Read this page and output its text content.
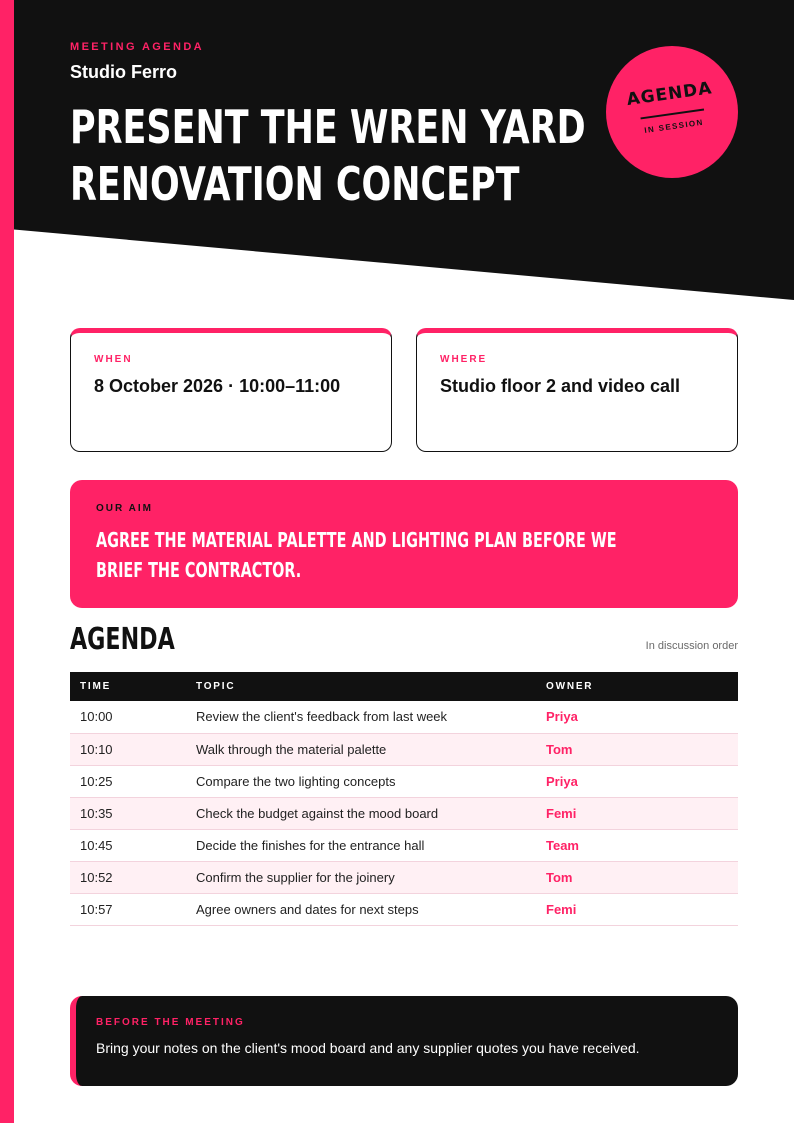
MEETING AGENDA
Studio Ferro
PRESENT THE WREN YARD
RENOVATION CONCEPT
AGENDA
IN SESSION
WHEN
8 October 2026 · 10:00–11:00
WHERE
Studio floor 2 and video call
OUR AIM
AGREE THE MATERIAL PALETTE AND LIGHTING PLAN BEFORE WE BRIEF THE CONTRACTOR.
AGENDA	In discussion order
TIME	TOPIC	OWNER
10:00	Review the client's feedback from last week	Priya
10:10	Walk through the material palette	Tom
10:25	Compare the two lighting concepts	Priya
10:35	Check the budget against the mood board	Femi
10:45	Decide the finishes for the entrance hall	Team
10:52	Confirm the supplier for the joinery	Tom
10:57	Agree owners and dates for next steps	Femi
BEFORE THE MEETING
Bring your notes on the client's mood board and any supplier quotes you have received.
